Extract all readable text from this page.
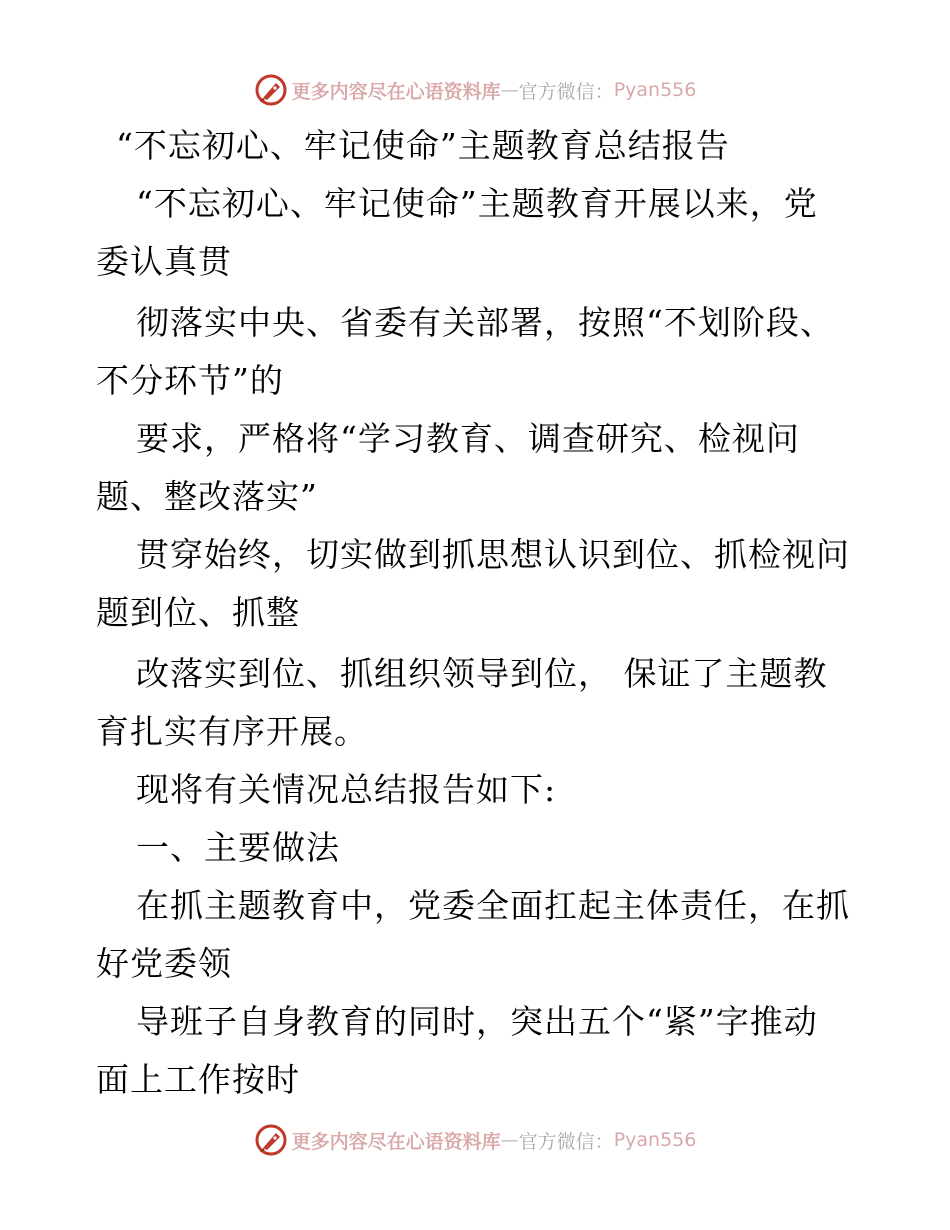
更多内容尽在心语资料库 — 官方微信： Pyan556
“不忘初心、牢记使命”主题教育总结报告
“不忘初心、牢记使命”主题教育开展以来，党
委认真贯
彻落实中央、省委有关部署，按照“不划阶段、
不分环节”的
要求，严格将“学习教育、调查研究、检视问
题、整改落实”
贯穿始终，切实做到抓思想认识到位、抓检视问
题到位、抓整
改落实到位、抓组织领导到位， 保证了主题教
育扎实有序开展。
现将有关情况总结报告如下:
一、主要做法
在抓主题教育中，党委全面扛起主体责任，在抓
好党委领
导班子自身教育的同时，突出五个“紧”字推动
面上工作按时
更多内容尽在心语资料库 — 官方微信： Pyan556
